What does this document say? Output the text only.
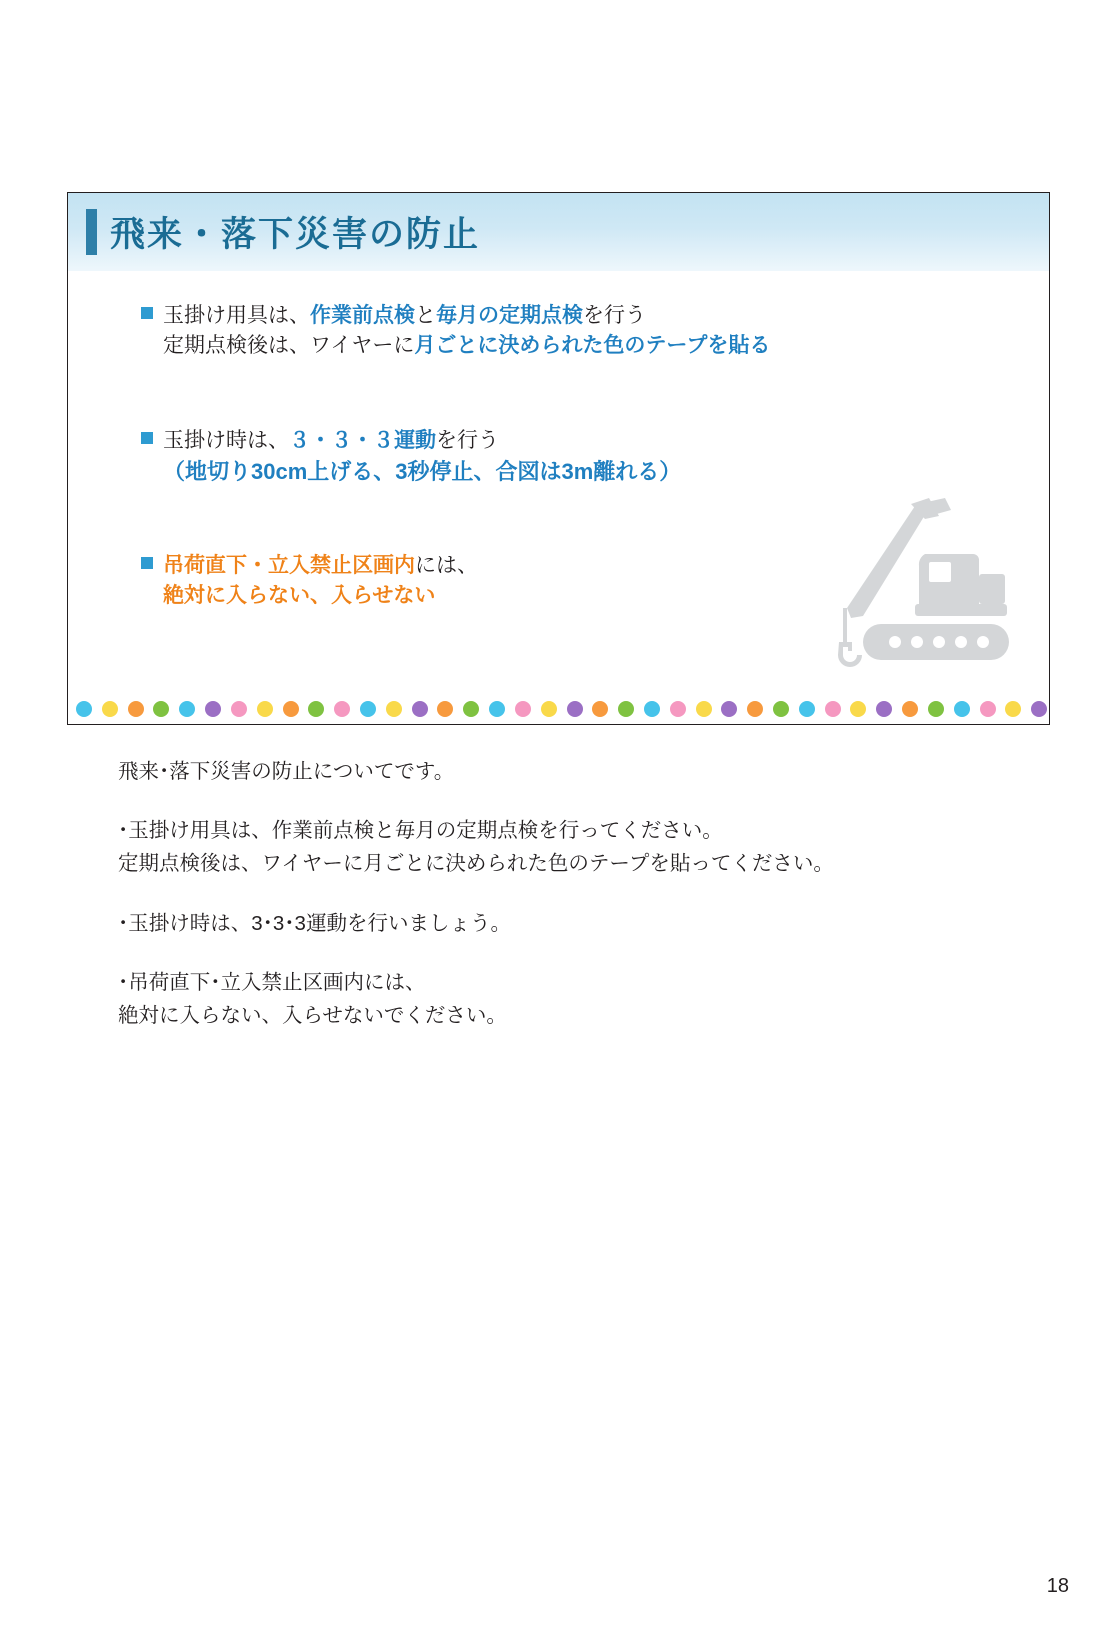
飛来・落下災害の防止
玉掛け用具は、作業前点検と毎月の定期点検を行う
定期点検後は、ワイヤーに月ごとに決められた色のテープを貼る
玉掛け時は、３・３・３運動を行う
（地切り30cm上げる、3秒停止、合図は3m離れる）
吊荷直下・立入禁止区画内には、
絶対に入らない、入らせない

飛来･落下災害の防止についてです。

･玉掛け用具は、作業前点検と毎月の定期点検を行ってください。
定期点検後は、ワイヤーに月ごとに決められた色のテープを貼ってください。

･玉掛け時は、3･3･3運動を行いましょう。

･吊荷直下･立入禁止区画内には、
絶対に入らない、入らせないでください。

18
